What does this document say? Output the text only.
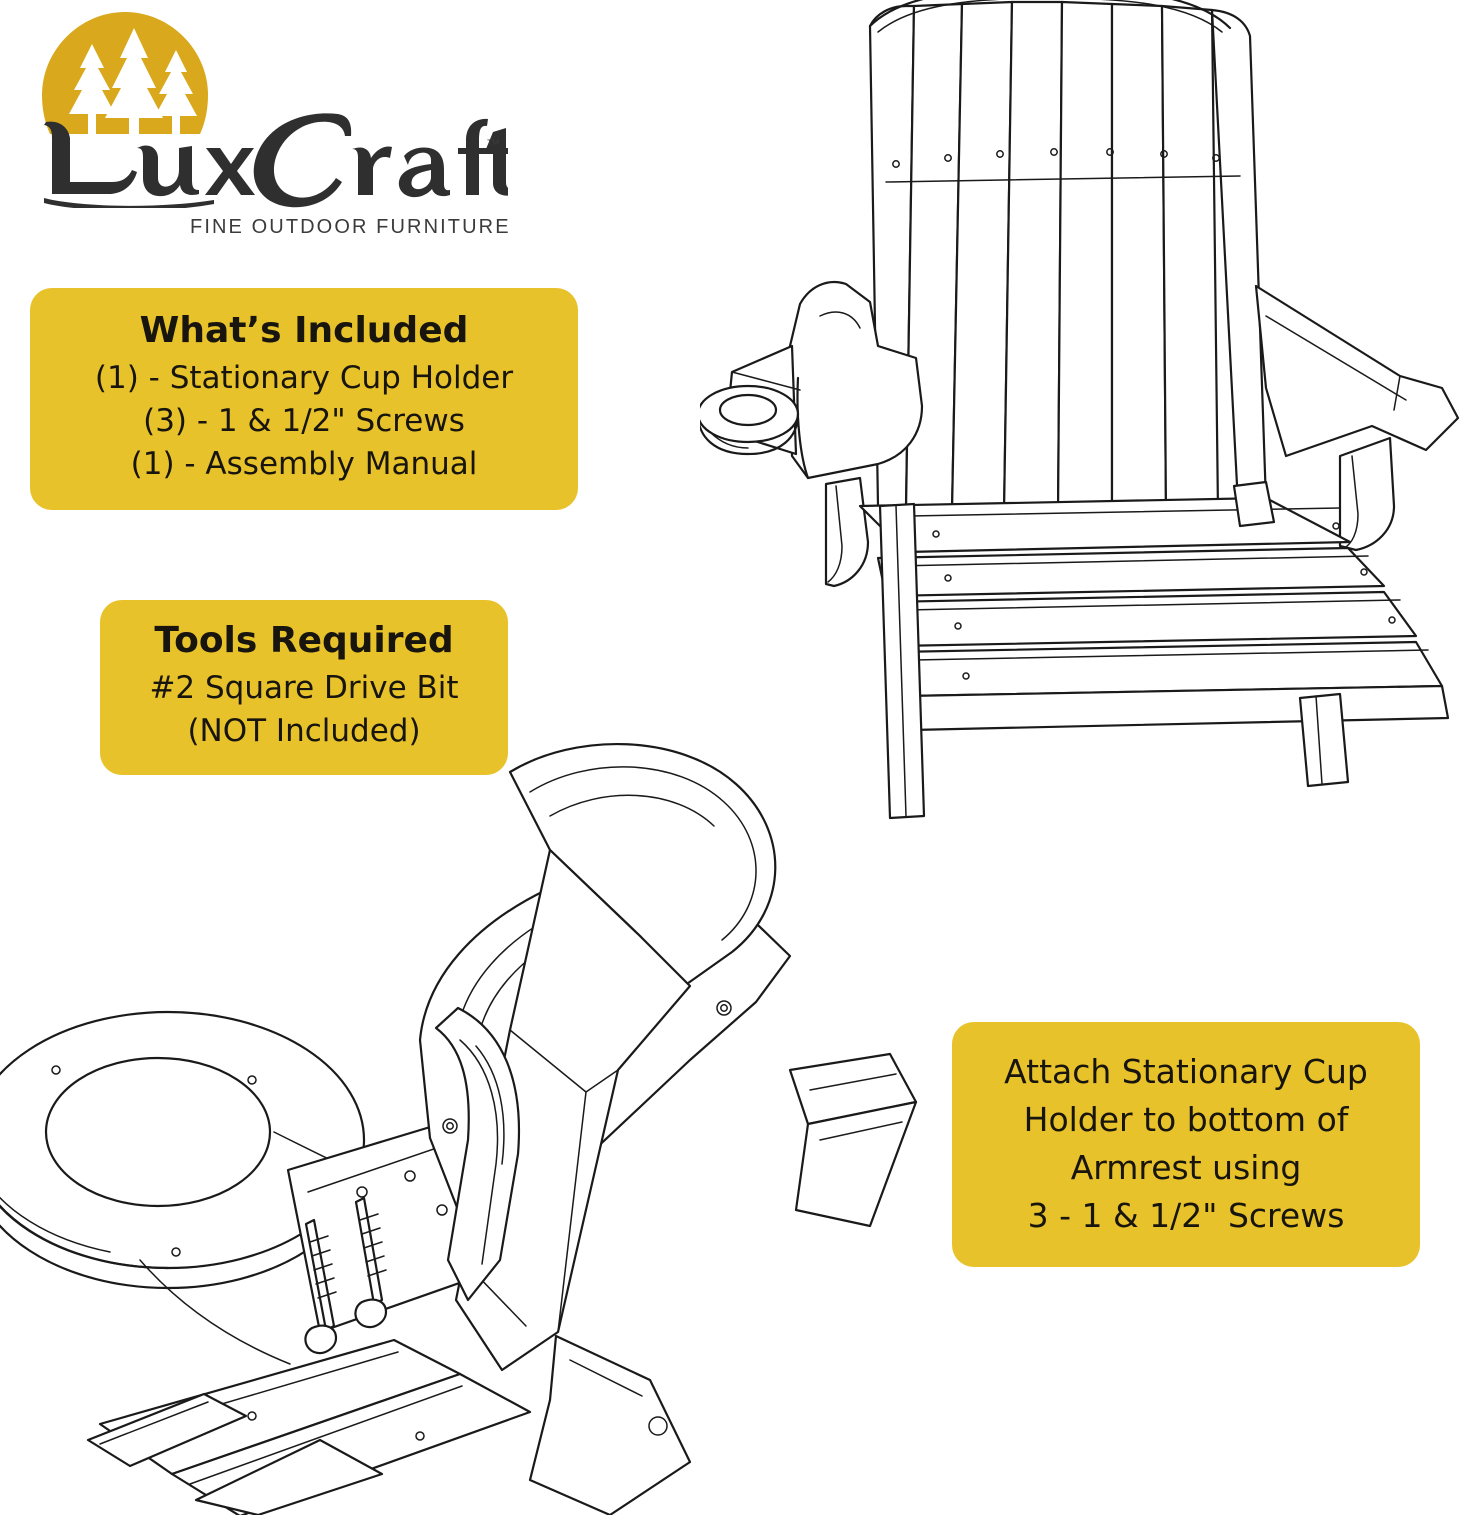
™
FINE OUTDOOR FURNITURE
What’s Included
(1) - Stationary Cup Holder
(3) - 1 & 1/2" Screws
(1) - Assembly Manual
Tools Required
#2 Square Drive Bit
(NOT Included)
Attach Stationary Cup
Holder to bottom of
Armrest using
3 - 1 & 1/2" Screws
